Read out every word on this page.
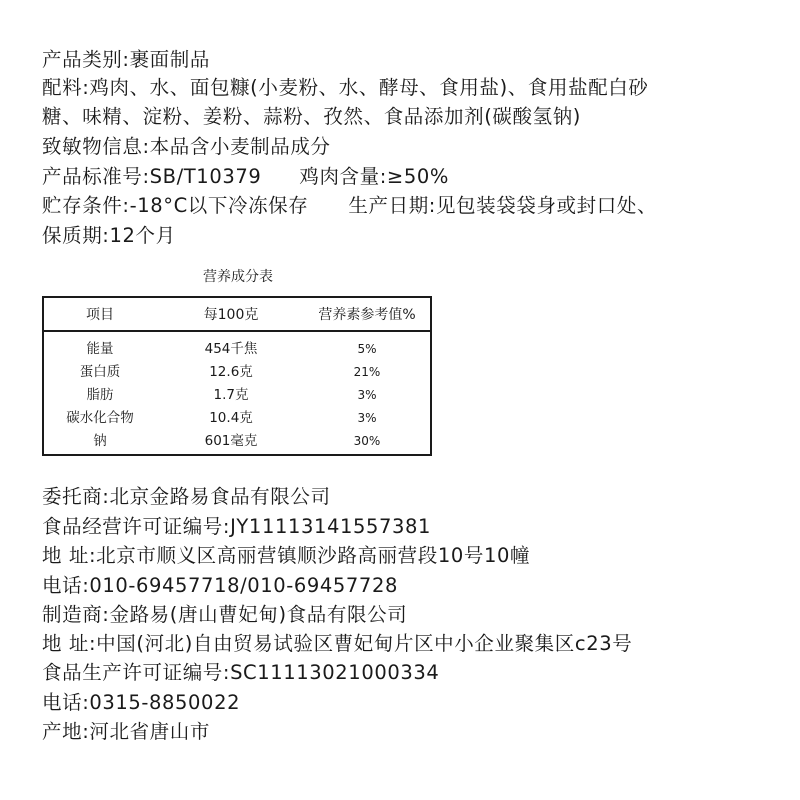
产品类别:裹面制品
配料:鸡肉、水、面包糠(小麦粉、水、酵母、食用盐)、食用盐配白砂
糖、味精、淀粉、姜粉、蒜粉、孜然、食品添加剂(碳酸氢钠)
致敏物信息:本品含小麦制品成分
产品标准号:SB/T10379 鸡肉含量:≥50%
贮存条件:-18°C以下冷冻保存 生产日期:见包装袋袋身或封口处、
保质期:12个月
营养成分表
项目	每100克	营养素参考值%
能量	454千焦	5%
蛋白质	12.6克	21%
脂肪	1.7克	3%
碳水化合物	10.4克	3%
钠	601毫克	30%
委托商:北京金路易食品有限公司
食品经营许可证编号:JY11113141557381
地 址:北京市顺义区高丽营镇顺沙路高丽营段10号10幢
电话:010-69457718/010-69457728
制造商:金路易(唐山曹妃甸)食品有限公司
地 址:中国(河北)自由贸易试验区曹妃甸片区中小企业聚集区c23号
食品生产许可证编号:SC11113021000334
电话:0315-8850022
产地:河北省唐山市
